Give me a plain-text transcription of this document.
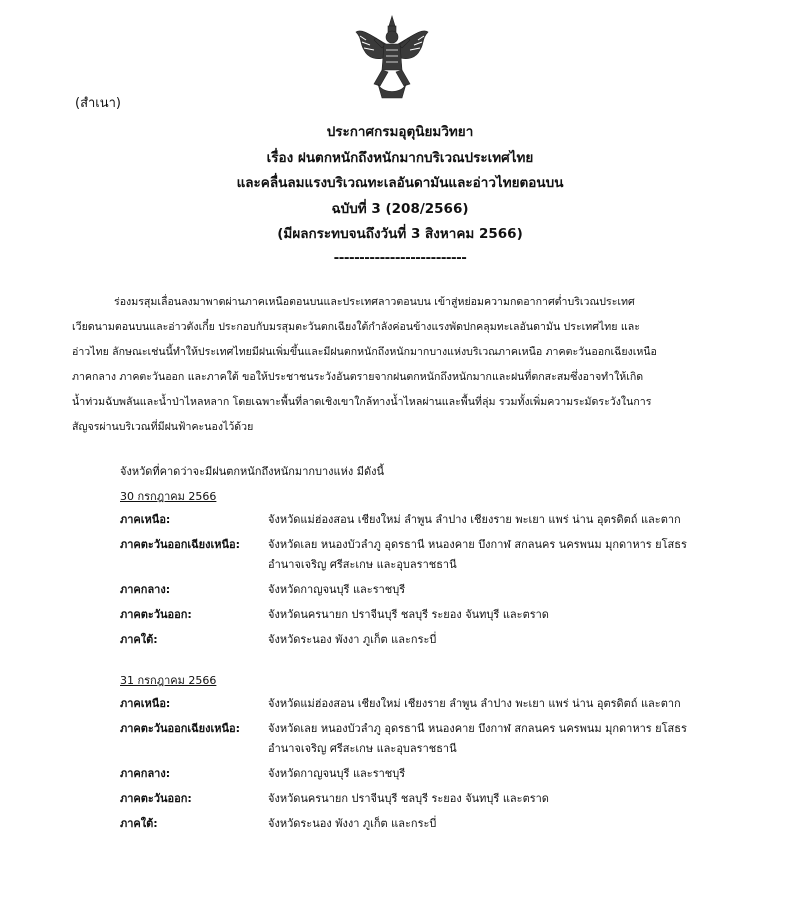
(สำเนา)
ประกาศกรมอุตุนิยมวิทยา
เรื่อง ฝนตกหนักถึงหนักมากบริเวณประเทศไทย
และคลื่นลมแรงบริเวณทะเลอันดามันและอ่าวไทยตอนบน
ฉบับที่ 3 (208/2566)
(มีผลกระทบจนถึงวันที่ 3 สิงหาคม 2566)
--------------------------
ร่องมรสุมเลื่อนลงมาพาดผ่านภาคเหนือตอนบนและประเทศลาวตอนบน เข้าสู่หย่อมความกดอากาศต่ำบริเวณประเทศ
เวียดนามตอนบนและอ่าวตังเกี๋ย ประกอบกับมรสุมตะวันตกเฉียงใต้กำลังค่อนข้างแรงพัดปกคลุมทะเลอันดามัน ประเทศไทย และ
อ่าวไทย ลักษณะเช่นนี้ทำให้ประเทศไทยมีฝนเพิ่มขึ้นและมีฝนตกหนักถึงหนักมากบางแห่งบริเวณภาคเหนือ ภาคตะวันออกเฉียงเหนือ
ภาคกลาง ภาคตะวันออก และภาคใต้ ขอให้ประชาชนระวังอันตรายจากฝนตกหนักถึงหนักมากและฝนที่ตกสะสมซึ่งอาจทำให้เกิด
น้ำท่วมฉับพลันและน้ำป่าไหลหลาก โดยเฉพาะพื้นที่ลาดเชิงเขาใกล้ทางน้ำไหลผ่านและพื้นที่ลุ่ม รวมทั้งเพิ่มความระมัดระวังในการ
สัญจรผ่านบริเวณที่มีฝนฟ้าคะนองไว้ด้วย
จังหวัดที่คาดว่าจะมีฝนตกหนักถึงหนักมากบางแห่ง มีดังนี้
30 กรกฎาคม 2566
ภาคเหนือ:	จังหวัดแม่ฮ่องสอน เชียงใหม่ ลำพูน ลำปาง เชียงราย พะเยา แพร่ น่าน อุตรดิตถ์ และตาก
ภาคตะวันออกเฉียงเหนือ:	จังหวัดเลย หนองบัวลำภู อุดรธานี หนองคาย บึงกาฬ สกลนคร นครพนม มุกดาหาร ยโสธร อำนาจเจริญ ศรีสะเกษ และอุบลราชธานี
ภาคกลาง:	จังหวัดกาญจนบุรี และราชบุรี
ภาคตะวันออก:	จังหวัดนครนายก ปราจีนบุรี ชลบุรี ระยอง จันทบุรี และตราด
ภาคใต้:	จังหวัดระนอง พังงา ภูเก็ต และกระบี่
31 กรกฎาคม 2566
ภาคเหนือ:	จังหวัดแม่ฮ่องสอน เชียงใหม่ เชียงราย ลำพูน ลำปาง พะเยา แพร่ น่าน อุตรดิตถ์ และตาก
ภาคตะวันออกเฉียงเหนือ:	จังหวัดเลย หนองบัวลำภู อุดรธานี หนองคาย บึงกาฬ สกลนคร นครพนม มุกดาหาร ยโสธร อำนาจเจริญ ศรีสะเกษ และอุบลราชธานี
ภาคกลาง:	จังหวัดกาญจนบุรี และราชบุรี
ภาคตะวันออก:	จังหวัดนครนายก ปราจีนบุรี ชลบุรี ระยอง จันทบุรี และตราด
ภาคใต้:	จังหวัดระนอง พังงา ภูเก็ต และกระบี่
